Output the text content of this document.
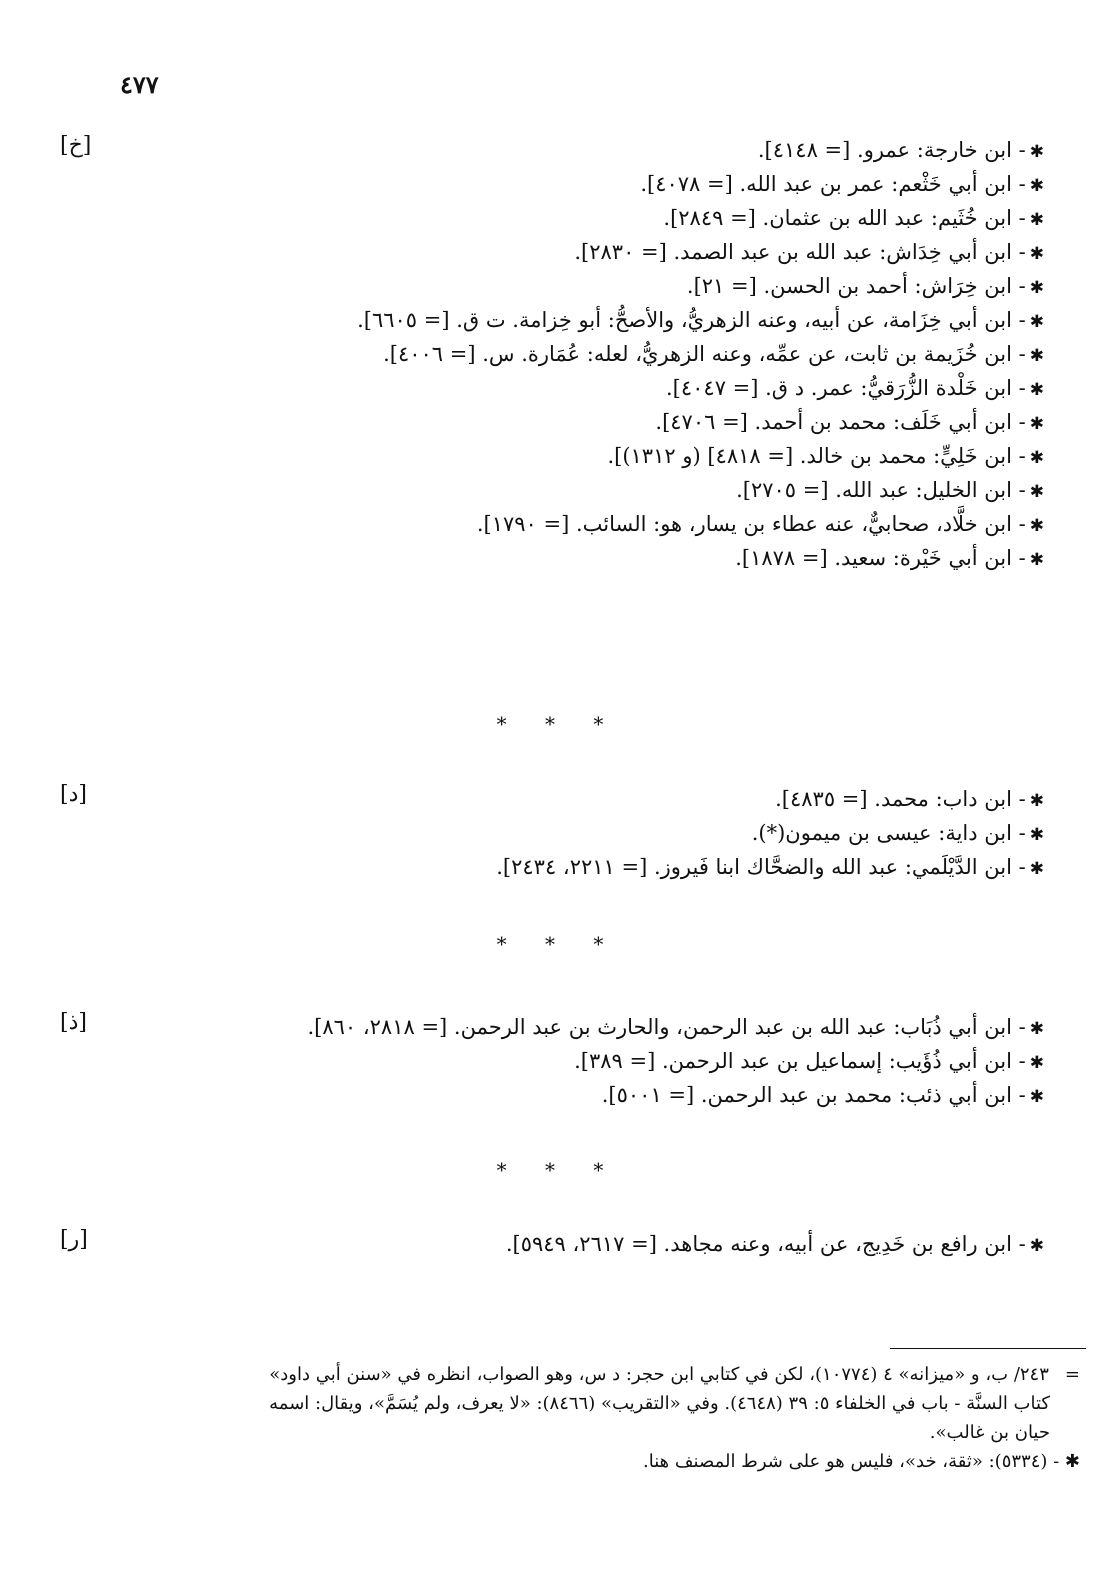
٤٧٧
[خ]	✱- ابن خارجة: عمرو. [= ٤١٤٨].
✱- ابن أبي خَثْعم: عمر بن عبد الله. [= ٤٠٧٨].
✱- ابن خُثَيم: عبد الله بن عثمان. [= ٢٨٤٩].
✱- ابن أبي خِدَاش: عبد الله بن عبد الصمد. [= ٢٨٣٠].
✱- ابن خِرَاش: أحمد بن الحسن. [= ٢١].
✱- ابن أبي خِزَامة، عن أبيه، وعنه الزهريُّ، والأصحُّ: أبو خِزامة. ت ق. [= ٦٦٠٥].
✱- ابن خُزَيمة بن ثابت، عن عمِّه، وعنه الزهريُّ، لعله: عُمَارة. س. [= ٤٠٠٦].
✱- ابن خَلْدة الزُّرَقيُّ: عمر. د ق. [= ٤٠٤٧].
✱- ابن أبي خَلَف: محمد بن أحمد. [= ٤٧٠٦].
✱- ابن خَلِيٍّ: محمد بن خالد. [= ٤٨١٨] (و ١٣١٢)].
✱- ابن الخليل: عبد الله. [= ٢٧٠٥].
✱- ابن خلَّاد، صحابيٌّ، عنه عطاء بن يسار، هو: السائب. [= ١٧٩٠].
✱- ابن أبي خَيْرة: سعيد. [= ١٨٧٨].
* * *
[د]	✱- ابن داب: محمد. [= ٤٨٣٥].
✱- ابن داية: عيسى بن ميمون(*).
✱- ابن الدَّيْلَمي: عبد الله والضحَّاك ابنا فَيروز. [= ٢٢١١، ٢٤٣٤].
* * *
[ذ]	✱- ابن أبي ذُبَاب: عبد الله بن عبد الرحمن، والحارث بن عبد الرحمن. [= ٢٨١٨، ٨٦٠].
✱- ابن أبي ذُؤَيب: إسماعيل بن عبد الرحمن. [= ٣٨٩].
✱- ابن أبي ذئب: محمد بن عبد الرحمن. [= ٥٠٠١].
* * *
[ر]	✱- ابن رافع بن خَدِيج، عن أبيه، وعنه مجاهد. [= ٢٦١٧، ٥٩٤٩].
=٢٤٣/ ب، و «ميزانه» ٤ (١٠٧٧٤)، لكن في كتابي ابن حجر: د س، وهو الصواب، انظره في «سنن أبي داود»
كتاب السنَّة - باب في الخلفاء ٥: ٣٩ (٤٦٤٨). وفي «التقريب» (٨٤٦٦): «لا يعرف، ولم يُسَمَّ»، ويقال: اسمه
حيان بن غالب».
✱ - (٥٣٣٤): «ثقة، خد»، فليس هو على شرط المصنف هنا.
